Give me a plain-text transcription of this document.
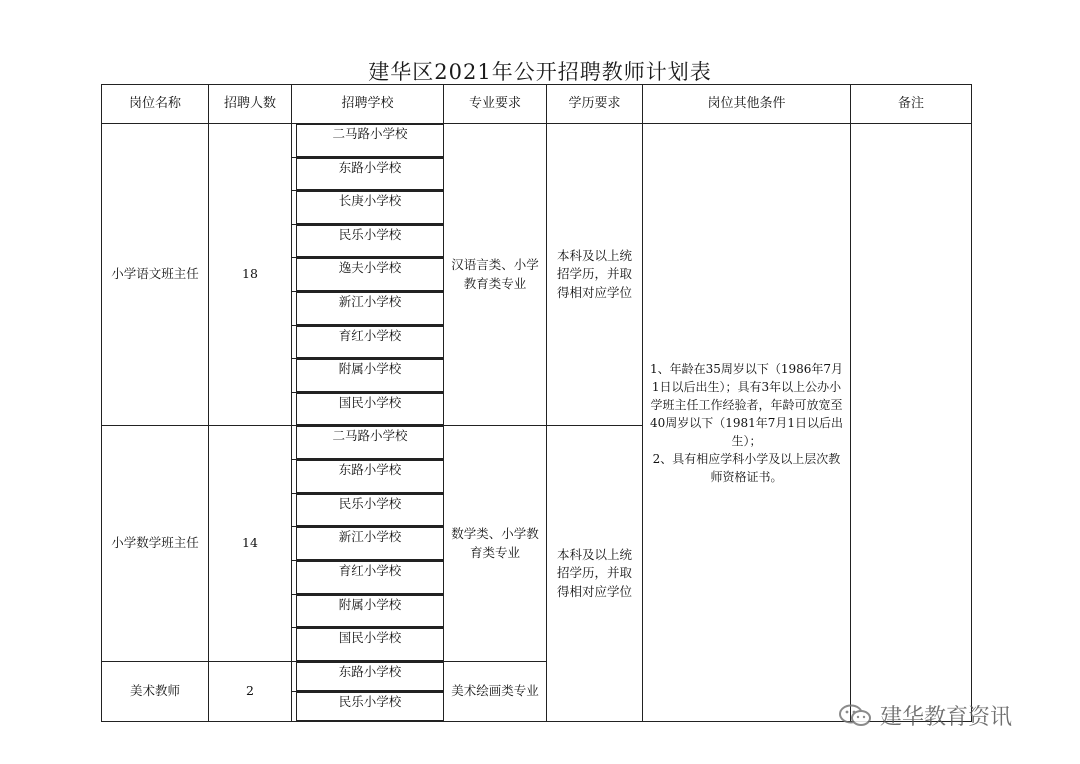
建华区2021年公开招聘教师计划表
岗位名称	招聘人数	招聘学校	专业要求	学历要求	岗位其他条件	备注
小学语文班主任	18	二马路小学校	汉语言类、小学教育类专业	本科及以上统招学历，并取得相对应学位	1、年龄在35周岁以下（1986年7月1日以后出生）；具有3年以上公办小学班主任工作经验者，年龄可放宽至40周岁以下（1981年7月1日以后出生）；
2、具有相应学科小学及以上层次教师资格证书。	

		东路小学校				

		长庚小学校				

		民乐小学校				

		逸夫小学校				

		新江小学校				

		育红小学校				

		附属小学校				

		国民小学校				

小学数学班主任	14	二马路小学校	数学类、小学教育类专业	本科及以上统招学历，并取得相对应学位		

		东路小学校				

		民乐小学校				

		新江小学校				

		育红小学校				

		附属小学校				

		国民小学校				

美术教师	2	东路小学校	美术绘画类专业			

		民乐小学校				
建华教育资讯
